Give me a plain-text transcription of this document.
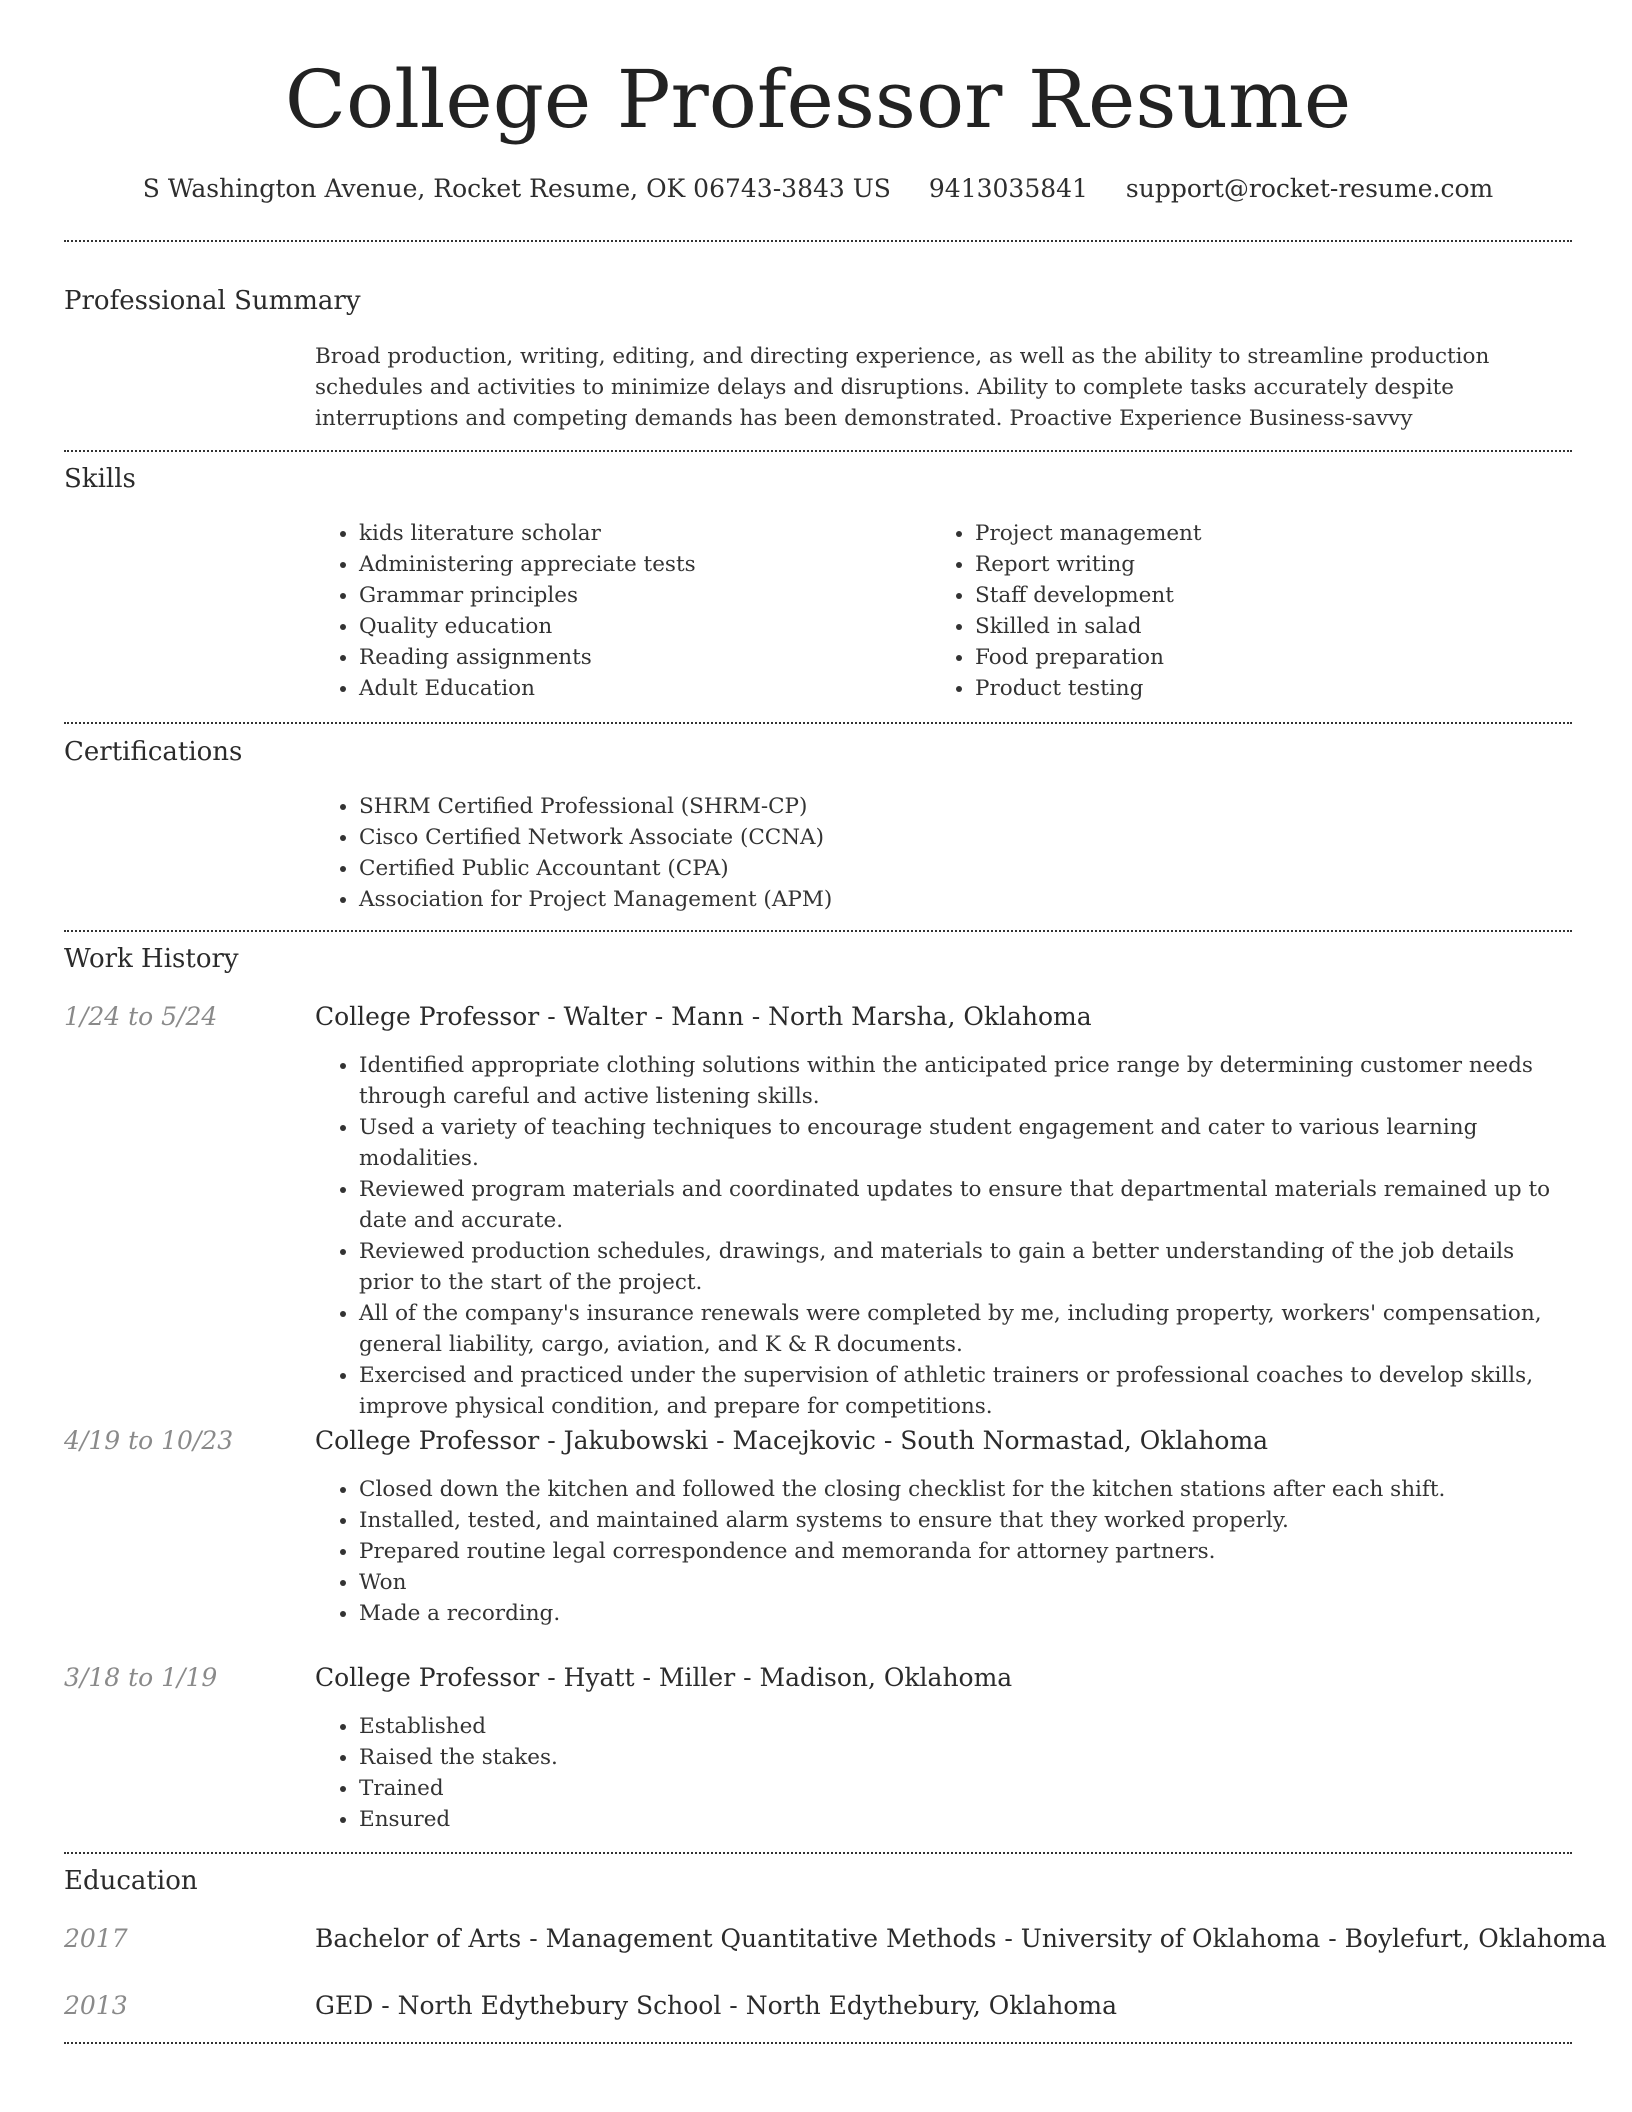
College Professor Resume
S Washington Avenue, Rocket Resume, OK 06743-3843 US 9413035841 support@rocket-resume.com
Professional Summary
Broad production, writing, editing, and directing experience, as well as the ability to streamline production schedules and activities to minimize delays and disruptions. Ability to complete tasks accurately despite interruptions and competing demands has been demonstrated. Proactive Experience Business-savvy
Skills
• kids literature scholar
• Administering appreciate tests
• Grammar principles
• Quality education
• Reading assignments
• Adult Education
• Project management
• Report writing
• Staff development
• Skilled in salad
• Food preparation
• Product testing
Certifications
• SHRM Certified Professional (SHRM-CP)
• Cisco Certified Network Associate (CCNA)
• Certified Public Accountant (CPA)
• Association for Project Management (APM)
Work History
1/24 to 5/24	College Professor - Walter - Mann - North Marsha, Oklahoma
• Identified appropriate clothing solutions within the anticipated price range by determining customer needs through careful and active listening skills.
• Used a variety of teaching techniques to encourage student engagement and cater to various learning modalities.
• Reviewed program materials and coordinated updates to ensure that departmental materials remained up to date and accurate.
• Reviewed production schedules, drawings, and materials to gain a better understanding of the job details prior to the start of the project.
• All of the company's insurance renewals were completed by me, including property, workers' compensation, general liability, cargo, aviation, and K & R documents.
• Exercised and practiced under the supervision of athletic trainers or professional coaches to develop skills, improve physical condition, and prepare for competitions.
4/19 to 10/23	College Professor - Jakubowski - Macejkovic - South Normastad, Oklahoma
• Closed down the kitchen and followed the closing checklist for the kitchen stations after each shift.
• Installed, tested, and maintained alarm systems to ensure that they worked properly.
• Prepared routine legal correspondence and memoranda for attorney partners.
• Won
• Made a recording.
3/18 to 1/19	College Professor - Hyatt - Miller - Madison, Oklahoma
• Established
• Raised the stakes.
• Trained
• Ensured
Education
2017	Bachelor of Arts - Management Quantitative Methods - University of Oklahoma - Boylefurt, Oklahoma
2013	GED - North Edythebury School - North Edythebury, Oklahoma
